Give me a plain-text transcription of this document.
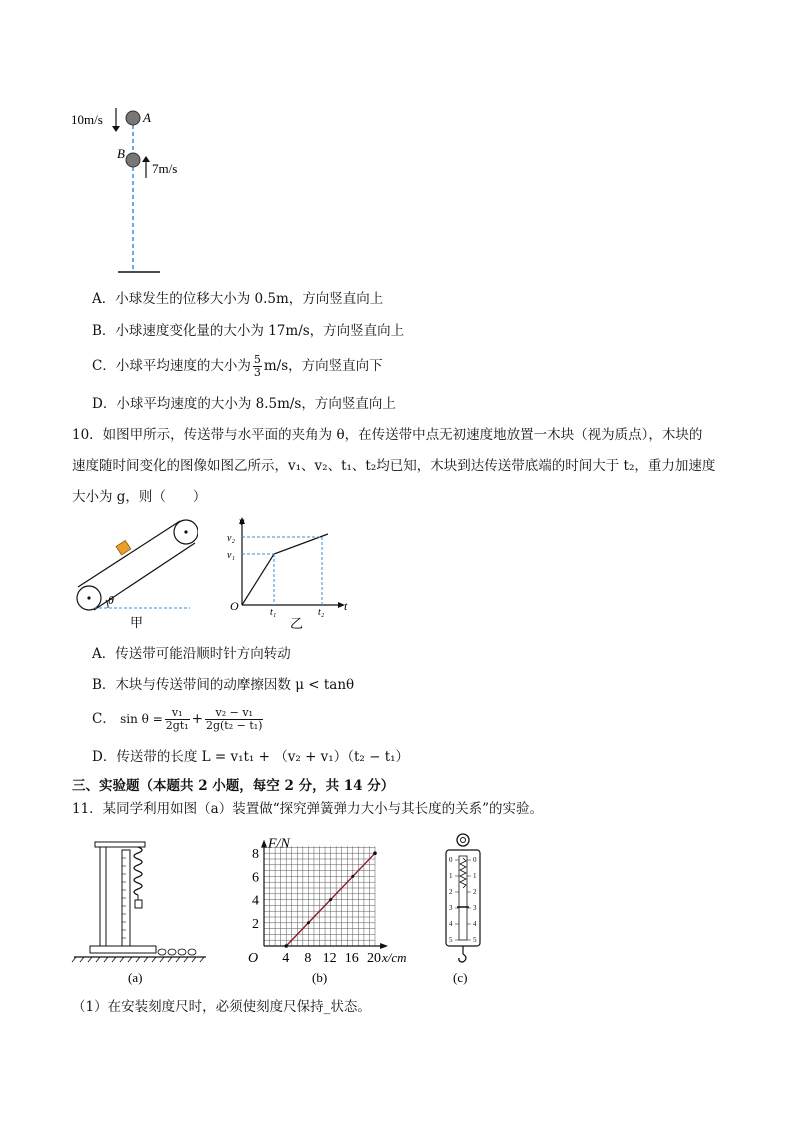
10m/s	A
B
7m/s
A．小球发生的位移大小为 0.5m，方向竖直向上
B．小球速度变化量的大小为 17m/s，方向竖直向上
C．小球平均速度的大小为 $\frac{5}{3} m/s$，方向竖直向下
D．小球平均速度的大小为 8.5m/s，方向竖直向上
10．如图甲所示，传送带与水平面的夹角为 θ，在传送带中点无初速度地放置一木块（视为质点），木块的
速度随时间变化的图像如图乙所示，v₁、v₂、t₁、t₂均已知，木块到达传送带底端的时间大于 t₂，重力加速度
大小为 g，则（　　）
θ
甲
v
v₂
v₁
O	t₁	t₂ t
乙
A．传送带可能沿顺时针方向转动
B．木块与传送带间的动摩擦因数 μ < tanθ
C． $\sin \theta = \frac{\text{v₁}}{\text{2gt₁}} + \frac{\text{v₂ − v₁}}{\text{2g(t₂ − t₁)}}$
D．传送带的长度 L = v₁t₁ + （v₂ + v₁）（t₂ − t₁）
三、实验题（本题共 2 小题，每空 2 分，共 14 分）
11．某同学利用如图（a）装置做“探究弹簧弹力大小与其长度的关系”的实验。
(a)
2
4
6
8
4 8 12 16 20
O
F/N
x/cm
(b)
0	0
1	1
2	2
3	3
4	4
5	5
(c)
（1）在安装刻度尺时，必须使刻度尺保持_状态。
